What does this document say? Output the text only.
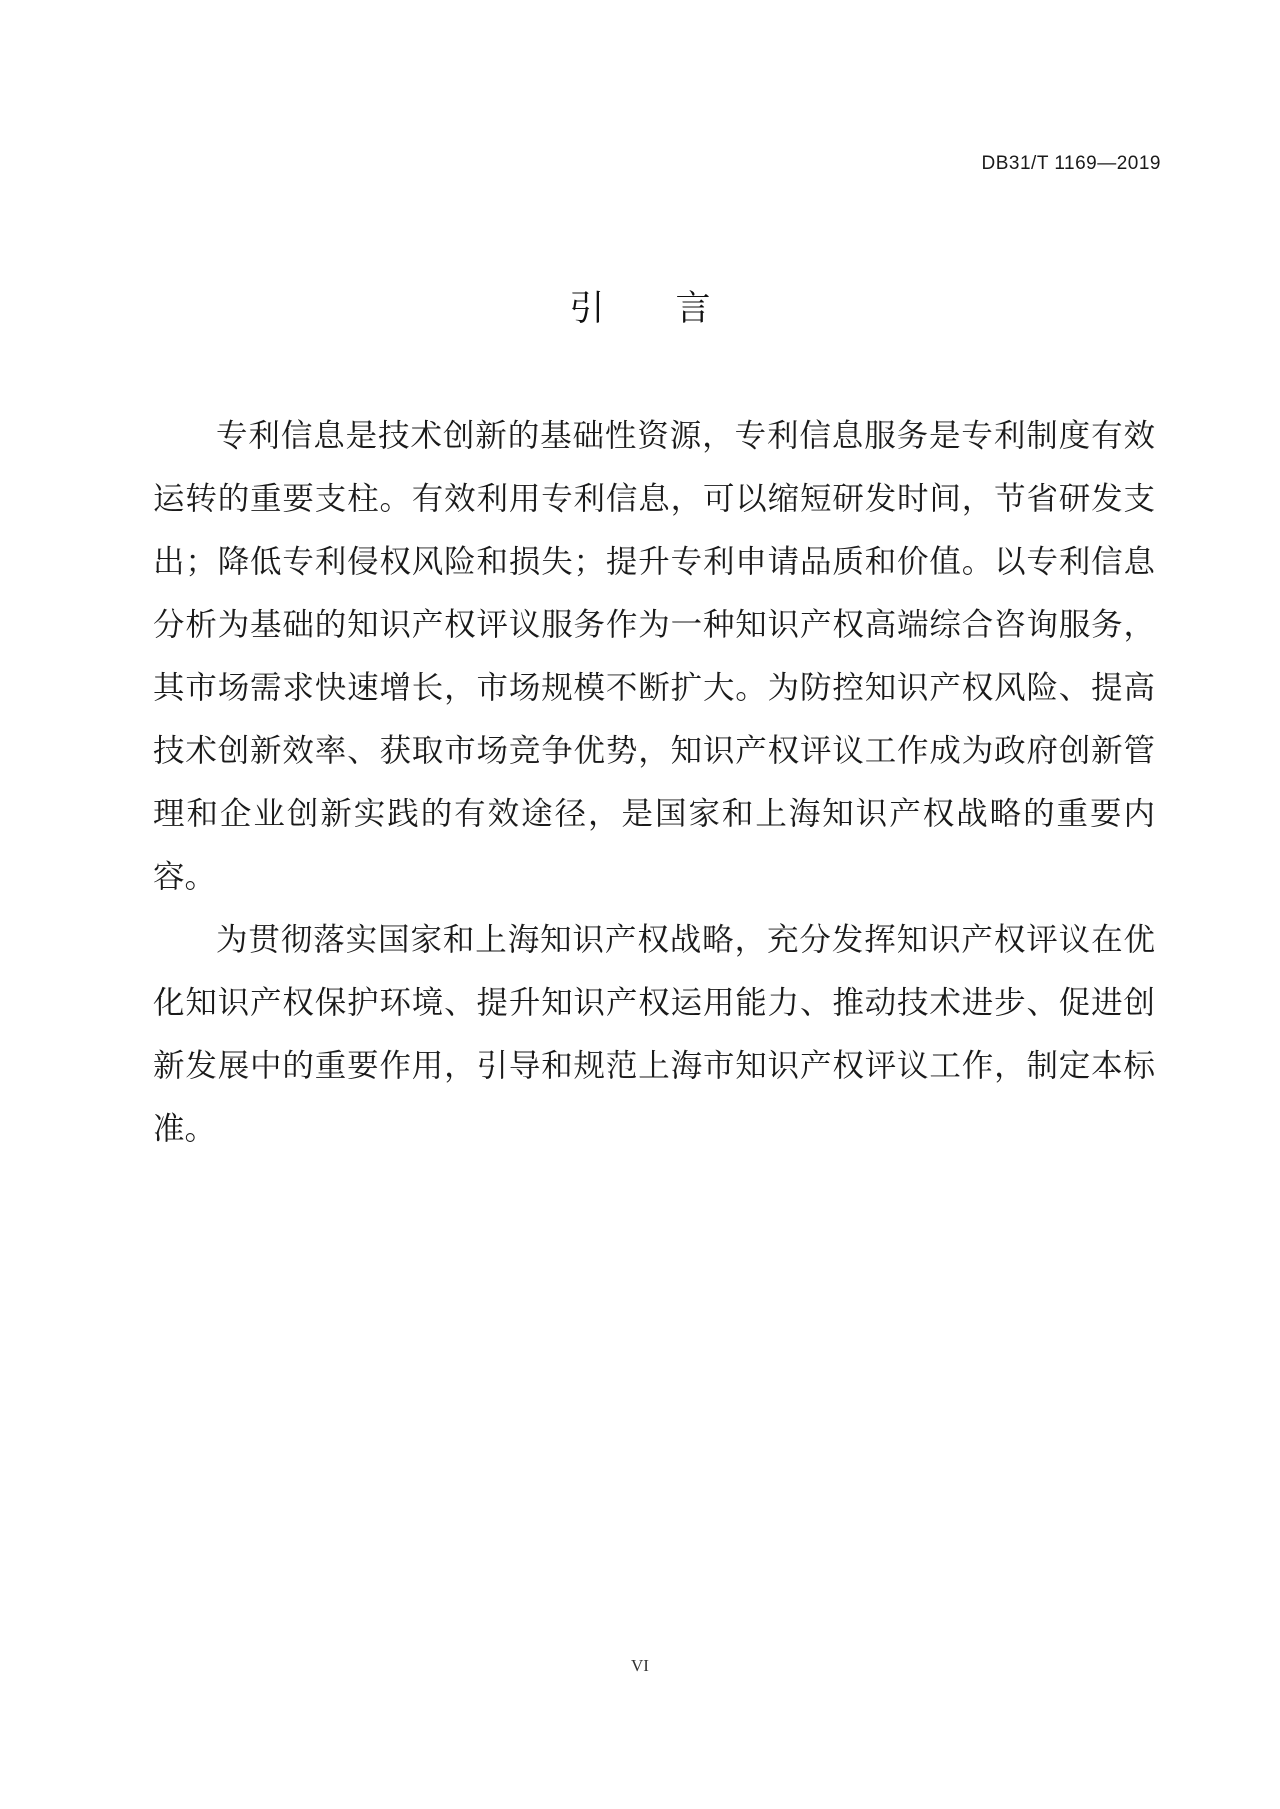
DB31/T 1169—2019
引 言

专利信息是技术创新的基础性资源，专利信息服务是专利制度有效运转的重要支柱。有效利用专利信息，可以缩短研发时间，节省研发支出；降低专利侵权风险和损失；提升专利申请品质和价值。以专利信息分析为基础的知识产权评议服务作为一种知识产权高端综合咨询服务，其市场需求快速增长，市场规模不断扩大。为防控知识产权风险、提高技术创新效率、获取市场竞争优势，知识产权评议工作成为政府创新管理和企业创新实践的有效途径，是国家和上海知识产权战略的重要内容。

为贯彻落实国家和上海知识产权战略，充分发挥知识产权评议在优化知识产权保护环境、提升知识产权运用能力、推动技术进步、促进创新发展中的重要作用，引导和规范上海市知识产权评议工作，制定本标准。

VI
